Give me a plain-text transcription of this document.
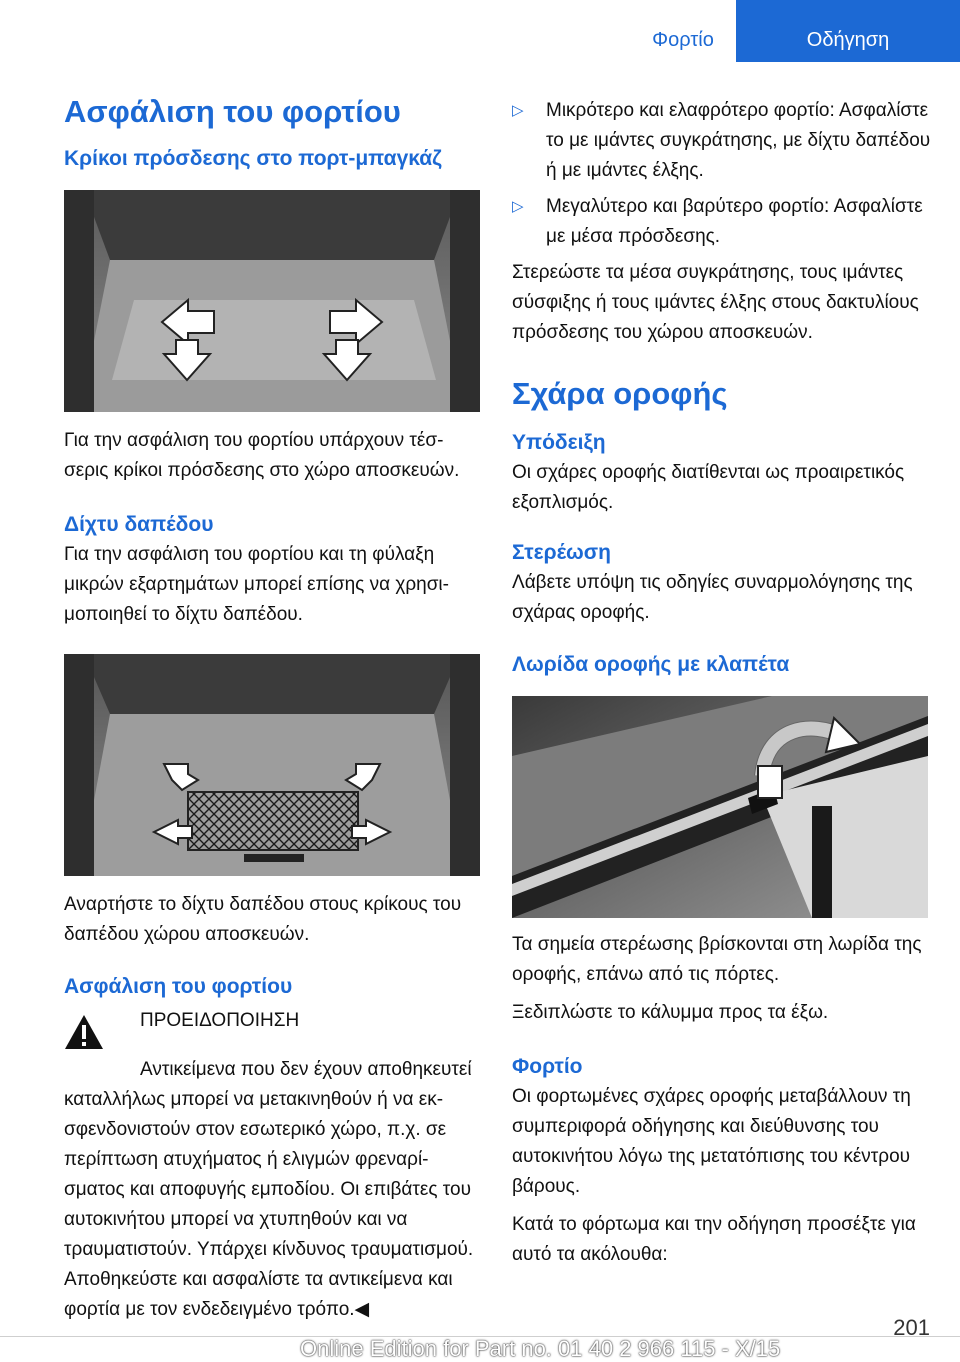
Φορτίο	Οδήγηση
Ασφάλιση του φορτίου
Κρίκοι πρόσδεσης στο πορτ-μπαγκάζ

Για την ασφάλιση του φορτίου υπάρχουν τέσσερις κρίκοι πρόσδεσης στο χώρο αποσκευών.

Δίχτυ δαπέδου

Για την ασφάλιση του φορτίου και τη φύλαξη μικρών εξαρτημάτων μπορεί επίσης να χρησιμοποιηθεί το δίχτυ δαπέδου.

Αναρτήστε το δίχτυ δαπέδου στους κρίκους του δαπέδου χώρου αποσκευών.

Ασφάλιση του φορτίου

ΠΡΟΕΙΔΟΠΟΙΗΣΗ

Αντικείμενα που δεν έχουν αποθηκευτεί καταλλήλως μπορεί να μετακινηθούν ή να εκσφενδονιστούν στον εσωτερικό χώρο, π.χ. σε περίπτωση ατυχήματος ή ελιγμών φρεναρίσματος και αποφυγής εμποδίου. Οι επιβάτες του αυτοκινήτου μπορεί να χτυπηθούν και να τραυματιστούν. Υπάρχει κίνδυνος τραυματισμού. Αποθηκεύστε και ασφαλίστε τα αντικείμενα και φορτία με τον ενδεδειγμένο τρόπο.◀

▷	Μικρότερο και ελαφρότερο φορτίο: Ασφαλίστε το με ιμάντες συγκράτησης, με δίχτυ δαπέδου ή με ιμάντες έλξης.
▷	Μεγαλύτερο και βαρύτερο φορτίο: Ασφαλίστε με μέσα πρόσδεσης.

Στερεώστε τα μέσα συγκράτησης, τους ιμάντες σύσφιξης ή τους ιμάντες έλξης στους δακτυλίους πρόσδεσης του χώρου αποσκευών.

Σχάρα οροφής
Υπόδειξη

Οι σχάρες οροφής διατίθενται ως προαιρετικός εξοπλισμός.

Στερέωση

Λάβετε υπόψη τις οδηγίες συναρμολόγησης της σχάρας οροφής.

Λωρίδα οροφής με κλαπέτα

Τα σημεία στερέωσης βρίσκονται στη λωρίδα της οροφής, επάνω από τις πόρτες.

Ξεδιπλώστε το κάλυμμα προς τα έξω.

Φορτίο

Οι φορτωμένες σχάρες οροφής μεταβάλλουν τη συμπεριφορά οδήγησης και διεύθυνσης του αυτοκινήτου λόγω της μετατόπισης του κέντρου βάρους.

Κατά το φόρτωμα και την οδήγηση προσέξτε για αυτό τα ακόλουθα:

201
Online Edition for Part no. 01 40 2 966 115 - X/15
